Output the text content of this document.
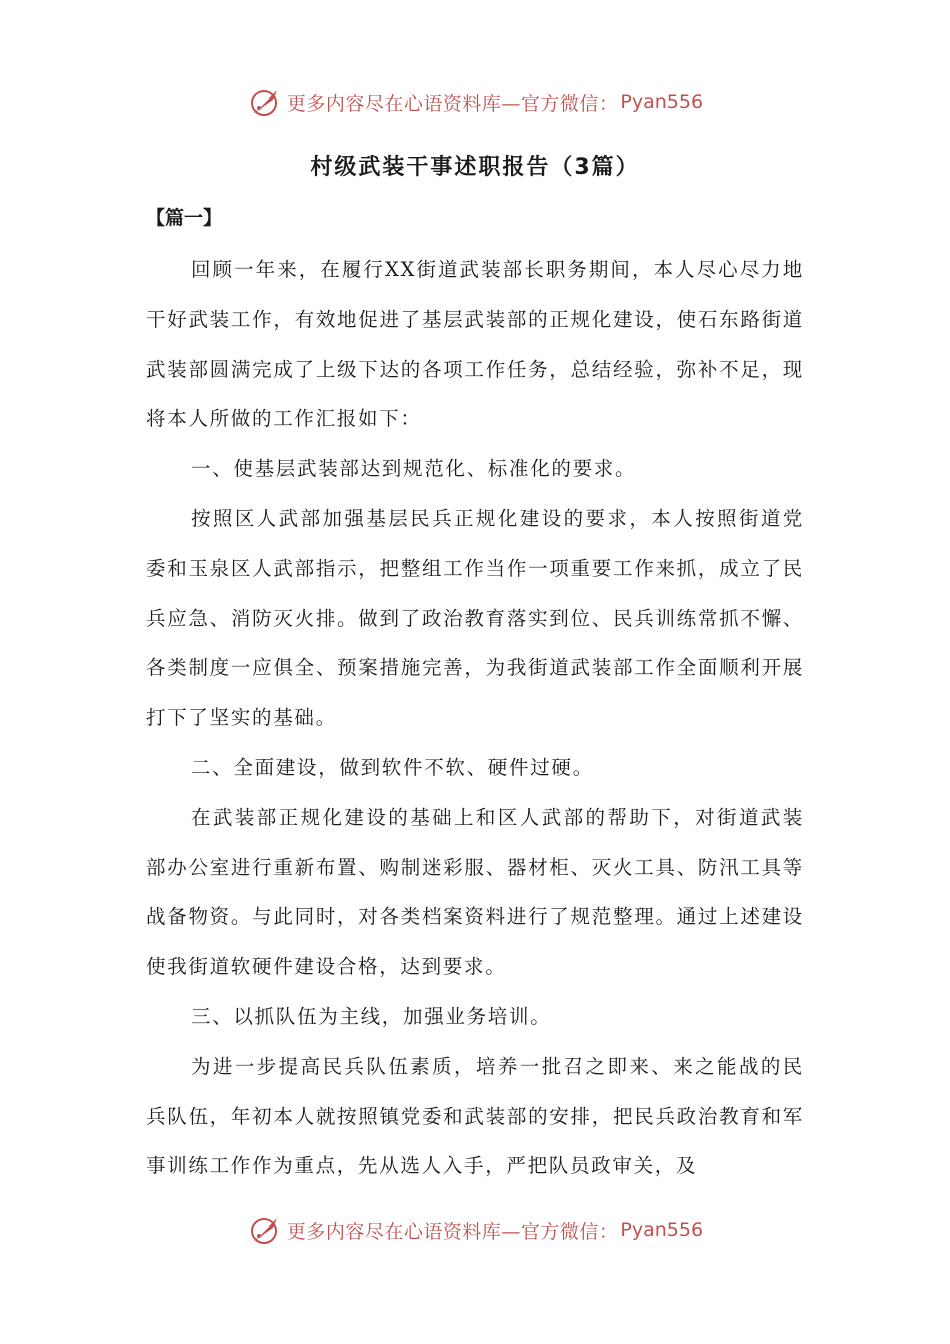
更多内容尽在心语资料库—官方微信： Pyan556
村级武装干事述职报告（3篇）
【篇一】

回顾一年来，在履行XX街道武装部长职务期间，本人尽心尽力地干好武装工作，有效地促进了基层武装部的正规化建设，使石东路街道武装部圆满完成了上级下达的各项工作任务，总结经验，弥补不足，现将本人所做的工作汇报如下：

一、使基层武装部达到规范化、标准化的要求。

按照区人武部加强基层民兵正规化建设的要求，本人按照街道党委和玉泉区人武部指示，把整组工作当作一项重要工作来抓，成立了民兵应急、消防灭火排。做到了政治教育落实到位、民兵训练常抓不懈、各类制度一应俱全、预案措施完善，为我街道武装部工作全面顺利开展打下了坚实的基础。

二、全面建设，做到软件不软、硬件过硬。

在武装部正规化建设的基础上和区人武部的帮助下，对街道武装部办公室进行重新布置、购制迷彩服、器材柜、灭火工具、防汛工具等战备物资。与此同时，对各类档案资料进行了规范整理。通过上述建设使我街道软硬件建设合格，达到要求。

三、以抓队伍为主线，加强业务培训。

为进一步提高民兵队伍素质，培养一批召之即来、来之能战的民兵队伍，年初本人就按照镇党委和武装部的安排，把民兵政治教育和军事训练工作作为重点，先从选人入手，严把队员政审关，及

更多内容尽在心语资料库—官方微信： Pyan556
